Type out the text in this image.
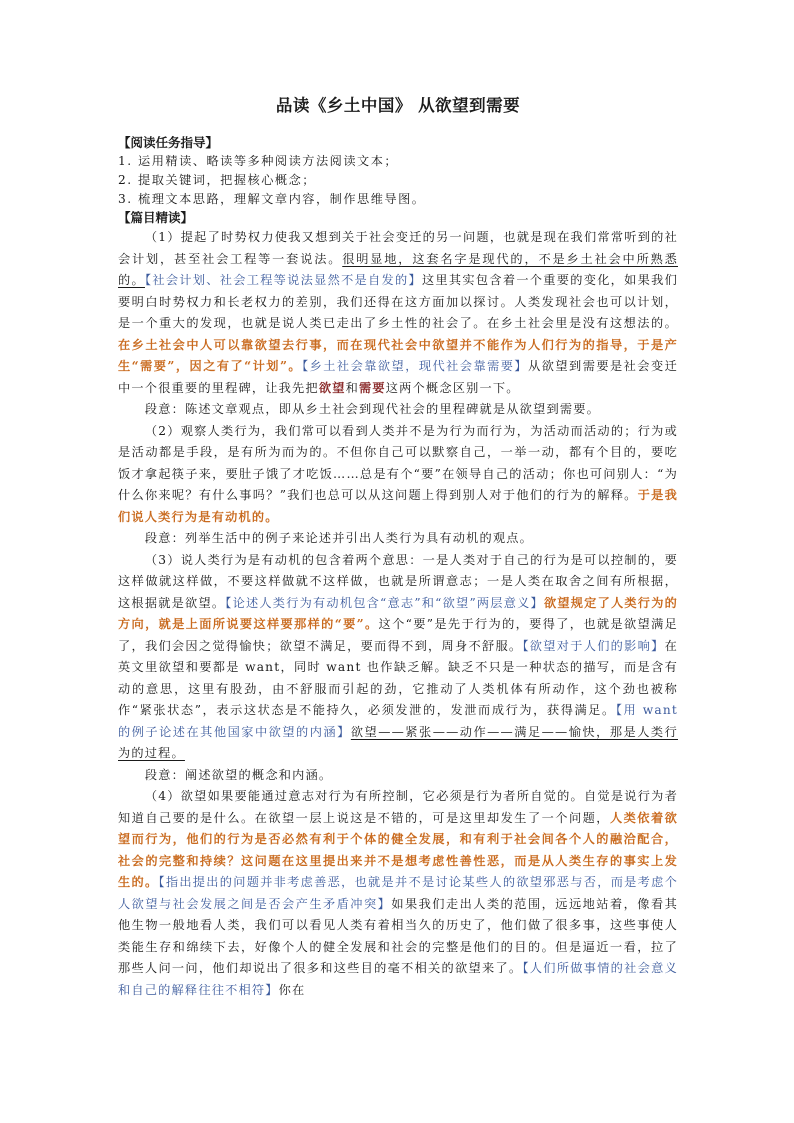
品读《乡土中国》 从欲望到需要

【阅读任务指导】

1. 运用精读、略读等多种阅读方法阅读文本；

2. 提取关键词，把握核心概念；

3. 梳理文本思路，理解文章内容，制作思维导图。

【篇目精读】

（1）提起了时势权力使我又想到关于社会变迁的另一问题，也就是现在我们常常听到的社会计划，甚至社会工程等一套说法。很明显地，这套名字是现代的，不是乡土社会中所熟悉的。【社会计划、社会工程等说法显然不是自发的】这里其实包含着一个重要的变化，如果我们要明白时势权力和长老权力的差别，我们还得在这方面加以探讨。人类发现社会也可以计划，是一个重大的发现，也就是说人类已走出了乡土性的社会了。在乡土社会里是没有这想法的。在乡土社会中人可以靠欲望去行事，而在现代社会中欲望并不能作为人们行为的指导，于是产生“需要”，因之有了“计划”。【乡土社会靠欲望，现代社会靠需要】从欲望到需要是社会变迁中一个很重要的里程碑，让我先把欲望和需要这两个概念区别一下。

段意：陈述文章观点，即从乡土社会到现代社会的里程碑就是从欲望到需要。

（2）观察人类行为，我们常可以看到人类并不是为行为而行为，为活动而活动的；行为或是活动都是手段，是有所为而为的。不但你自己可以默察自己，一举一动，都有个目的，要吃饭才拿起筷子来，要肚子饿了才吃饭……总是有个“要”在领导自己的活动；你也可问别人：“为什么你来呢？有什么事吗？”我们也总可以从这问题上得到别人对于他们的行为的解释。于是我们说人类行为是有动机的。

段意：列举生活中的例子来论述并引出人类行为具有动机的观点。

（3）说人类行为是有动机的包含着两个意思：一是人类对于自己的行为是可以控制的，要这样做就这样做，不要这样做就不这样做，也就是所谓意志；一是人类在取舍之间有所根据，这根据就是欲望。【论述人类行为有动机包含“意志”和“欲望”两层意义】欲望规定了人类行为的方向，就是上面所说要这样要那样的“要”。这个“要”是先于行为的，要得了，也就是欲望满足了，我们会因之觉得愉快；欲望不满足，要而得不到，周身不舒服。【欲望对于人们的影响】在英文里欲望和要都是 want，同时 want 也作缺乏解。缺乏不只是一种状态的描写，而是含有动的意思，这里有股劲，由不舒服而引起的劲，它推动了人类机体有所动作，这个劲也被称作“紧张状态”，表示这状态是不能持久，必须发泄的，发泄而成行为，获得满足。【用 want 的例子论述在其他国家中欲望的内涵】欲望——紧张——动作——满足——愉快，那是人类行为的过程。

段意：阐述欲望的概念和内涵。

（4）欲望如果要能通过意志对行为有所控制，它必须是行为者所自觉的。自觉是说行为者知道自己要的是什么。在欲望一层上说这是不错的，可是这里却发生了一个问题，人类依着欲望而行为，他们的行为是否必然有利于个体的健全发展，和有利于社会间各个人的融洽配合，社会的完整和持续？这问题在这里提出来并不是想考虑性善性恶，而是从人类生存的事实上发生的。【指出提出的问题并非考虑善恶，也就是并不是讨论某些人的欲望邪恶与否，而是考虑个人欲望与社会发展之间是否会产生矛盾冲突】如果我们走出人类的范围，远远地站着，像看其他生物一般地看人类，我们可以看见人类有着相当久的历史了，他们做了很多事，这些事使人类能生存和绵续下去，好像个人的健全发展和社会的完整是他们的目的。但是逼近一看，拉了那些人问一问，他们却说出了很多和这些目的毫不相关的欲望来了。【人们所做事情的社会意义和自己的解释往往不相符】你在
